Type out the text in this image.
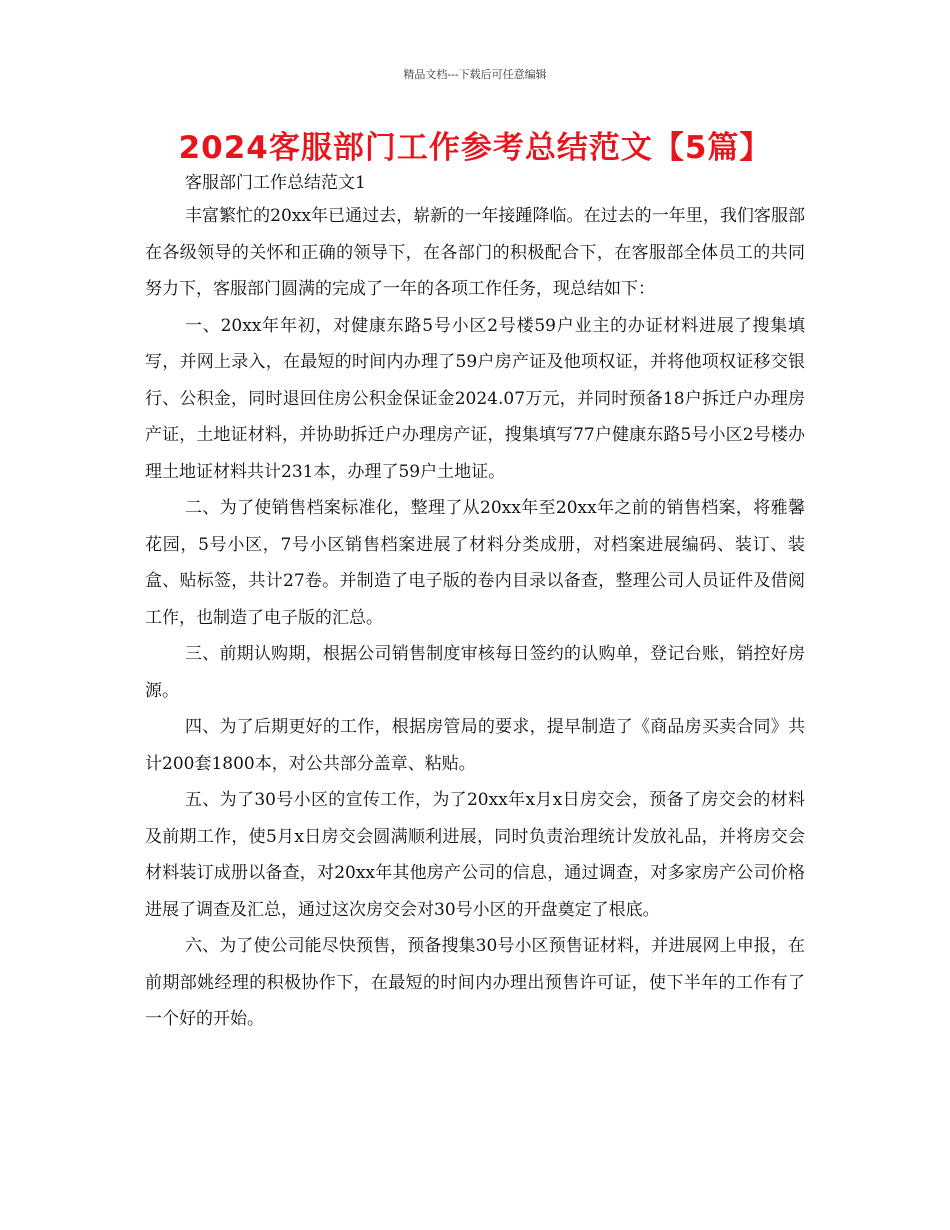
精品文档---下载后可任意编辑
2024客服部门工作参考总结范文【5篇】
客服部门工作总结范文1

丰富繁忙的20xx年已通过去，崭新的一年接踵降临。在过去的一年里，我们客服部在各级领导的关怀和正确的领导下，在各部门的积极配合下，在客服部全体员工的共同努力下，客服部门圆满的完成了一年的各项工作任务，现总结如下：

一、20xx年年初，对健康东路5号小区2号楼59户业主的办证材料进展了搜集填写，并网上录入，在最短的时间内办理了59户房产证及他项权证，并将他项权证移交银行、公积金，同时退回住房公积金保证金2024.07万元，并同时预备18户拆迁户办理房产证，土地证材料，并协助拆迁户办理房产证，搜集填写77户健康东路5号小区2号楼办理土地证材料共计231本，办理了59户土地证。

二、为了使销售档案标准化，整理了从20xx年至20xx年之前的销售档案，将雅馨花园，5号小区，7号小区销售档案进展了材料分类成册，对档案进展编码、装订、装盒、贴标签，共计27卷。并制造了电子版的卷内目录以备查，整理公司人员证件及借阅工作，也制造了电子版的汇总。

三、前期认购期，根据公司销售制度审核每日签约的认购单，登记台账，销控好房源。

四、为了后期更好的工作，根据房管局的要求，提早制造了《商品房买卖合同》共计200套1800本，对公共部分盖章、粘贴。

五、为了30号小区的宣传工作，为了20xx年x月x日房交会，预备了房交会的材料及前期工作，使5月x日房交会圆满顺利进展，同时负责治理统计发放礼品，并将房交会材料装订成册以备查，对20xx年其他房产公司的信息，通过调查，对多家房产公司价格进展了调查及汇总，通过这次房交会对30号小区的开盘奠定了根底。

六、为了使公司能尽快预售，预备搜集30号小区预售证材料，并进展网上申报，在前期部姚经理的积极协作下，在最短的时间内办理出预售许可证，使下半年的工作有了一个好的开始。
